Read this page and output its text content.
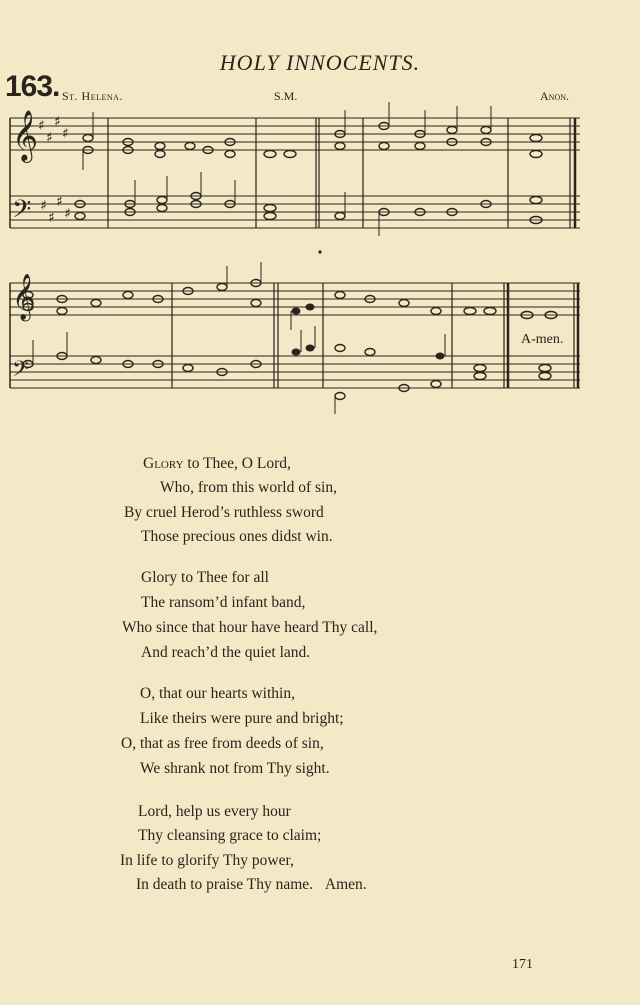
HOLY INNOCENTS.
163. St. Helena.	S.M.	Anon.
𝄞
𝄢
𝄞
𝄢
♯
♯
♯
♯
♯
♯
♯
♯
A-men.
Glory to Thee, O Lord,
Who, from this world of sin,
By cruel Herod’s ruthless sword
Those precious ones didst win.
Glory to Thee for all
The ransom’d infant band,
Who since that hour have heard Thy call,
And reach’d the quiet land.
O, that our hearts within,
Like theirs were pure and bright;
O, that as free from deeds of sin,
We shrank not from Thy sight.
Lord, help us every hour
Thy cleansing grace to claim;
In life to glorify Thy power,
In death to praise Thy name. Amen.
171
